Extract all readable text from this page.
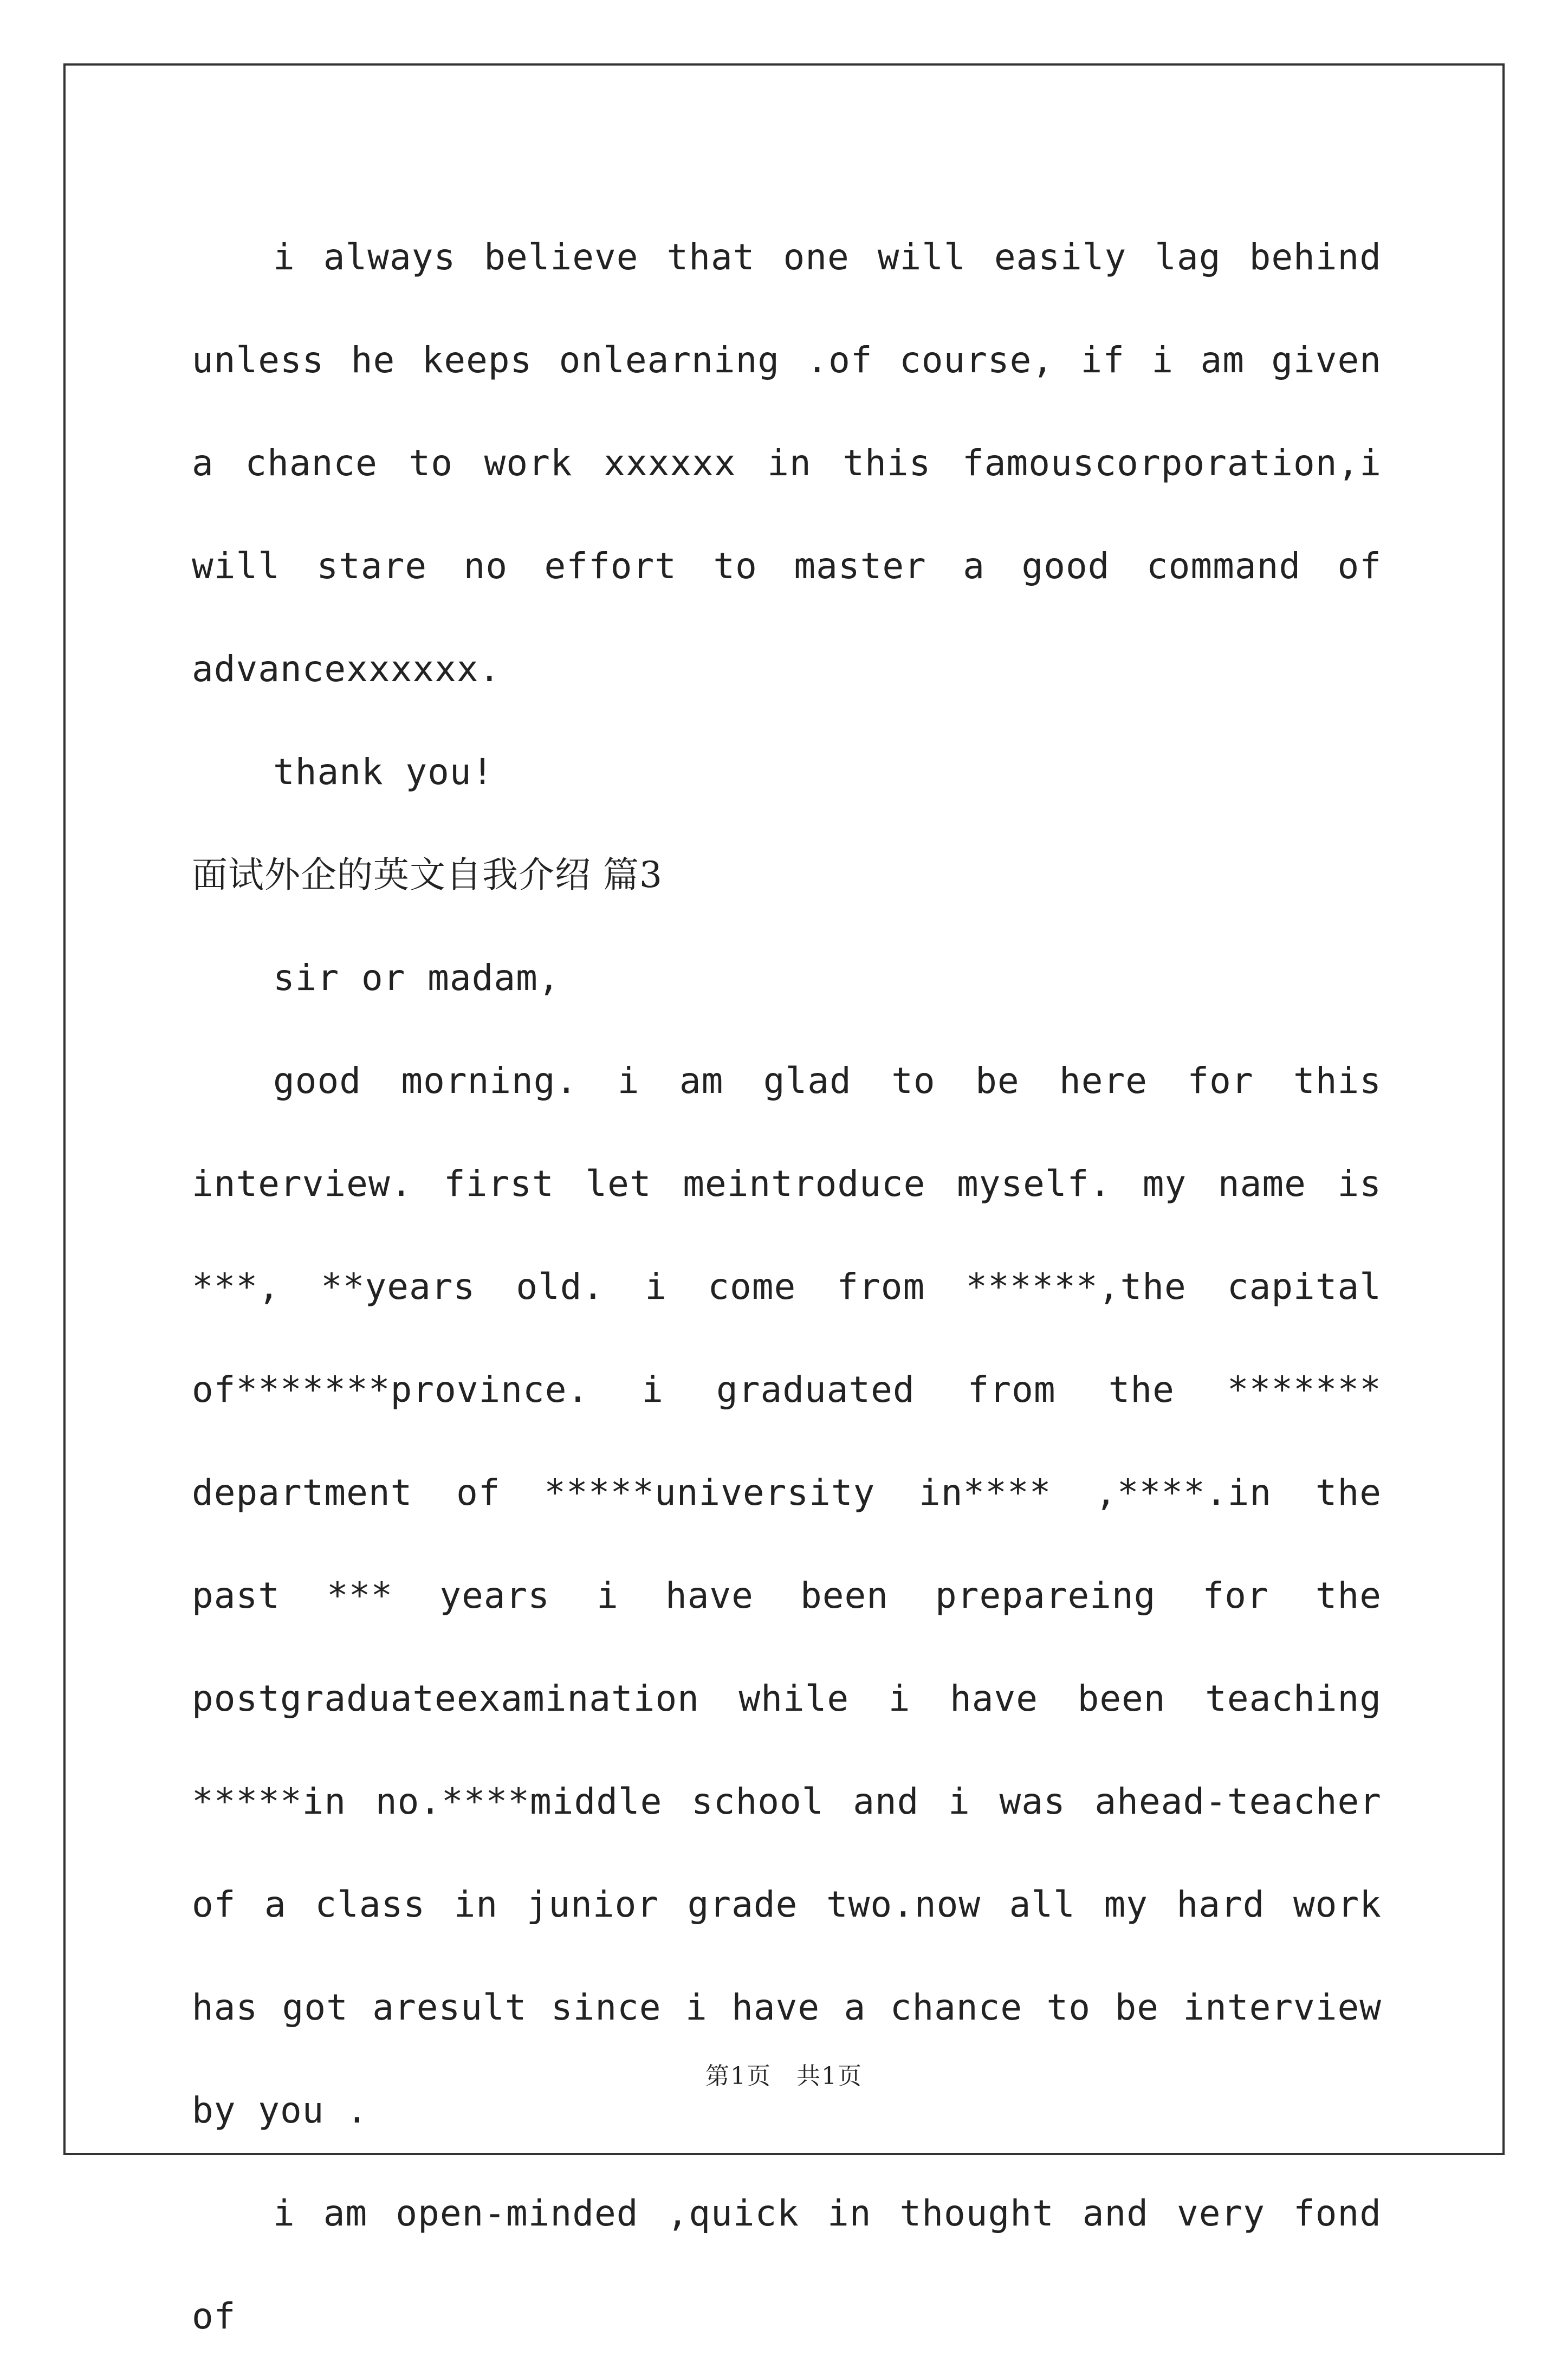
i always believe that one will easily lag behind unless he keeps onlearning .of course, if i am given a chance to work xxxxxx in this famouscorporation,i will stare no effort to master a good command of advancexxxxxx.

thank you!

面试外企的英文自我介绍 篇3

sir or madam,

good morning. i am glad to be here for this interview. first let meintroduce myself. my name is ***, **years old. i come from ******,the capital of*******province. i graduated from the ******* department of *****university in**** ,****.in the past *** years i have been prepareing for the postgraduateexamination while i have been teaching *****in no.****middle school and i was ahead-teacher of a class in junior grade two.now all my hard work has got aresult since i have a chance to be interview by you .

i am open-minded ,quick in thought and very fond of

第1页　共1页
